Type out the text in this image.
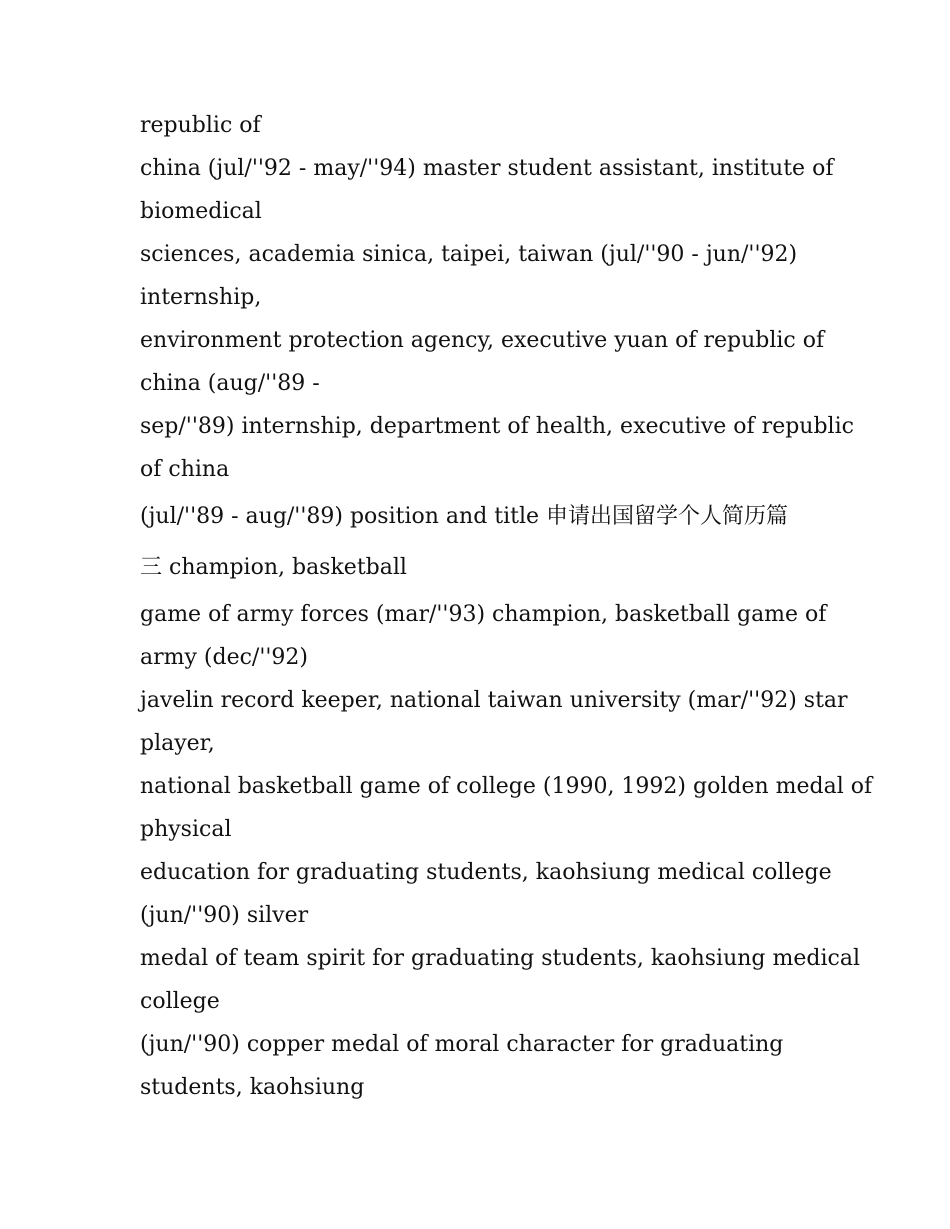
republic of

china (jul/''92 - may/''94) master student assistant, institute of

biomedical

sciences, academia sinica, taipei, taiwan (jul/''90 - jun/''92)

internship,

environment protection agency, executive yuan of republic of

china (aug/''89 -

sep/''89) internship, department of health, executive of republic

of china

(jul/''89 - aug/''89) position and title 申请出国留学个人简历篇

三 champion, basketball

game of army forces (mar/''93) champion, basketball game of

army (dec/''92)

javelin record keeper, national taiwan university (mar/''92) star

player,

national basketball game of college (1990, 1992) golden medal of

physical

education for graduating students, kaohsiung medical college

(jun/''90) silver

medal of team spirit for graduating students, kaohsiung medical

college

(jun/''90) copper medal of moral character for graduating

students, kaohsiung
